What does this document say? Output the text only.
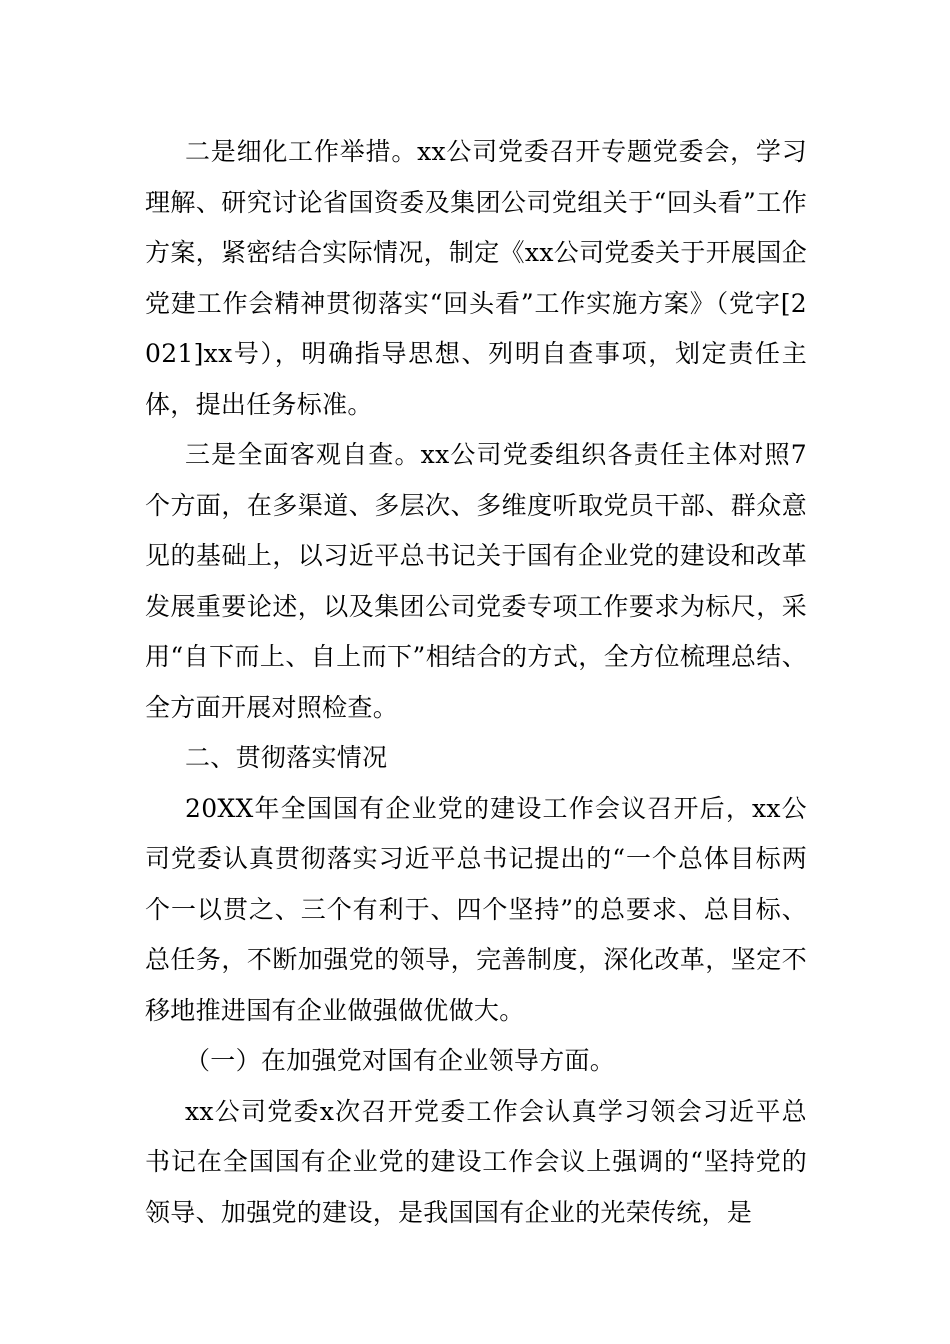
二是细化工作举措。xx公司党委召开专题党委会，学习理解、研究讨论省国资委及集团公司党组关于“回头看”工作方案，紧密结合实际情况，制定《xx公司党委关于开展国企党建工作会精神贯彻落实“回头看”工作实施方案》（党字[2021]xx号），明确指导思想、列明自查事项，划定责任主体，提出任务标准。

三是全面客观自查。xx公司党委组织各责任主体对照7个方面，在多渠道、多层次、多维度听取党员干部、群众意见的基础上，以习近平总书记关于国有企业党的建设和改革发展重要论述，以及集团公司党委专项工作要求为标尺，采用“自下而上、自上而下”相结合的方式，全方位梳理总结、全方面开展对照检查。

二、贯彻落实情况

20XX年全国国有企业党的建设工作会议召开后，xx公司党委认真贯彻落实习近平总书记提出的“一个总体目标两个一以贯之、三个有利于、四个坚持”的总要求、总目标、总任务，不断加强党的领导，完善制度，深化改革，坚定不移地推进国有企业做强做优做大。

（一）在加强党对国有企业领导方面。

xx公司党委x次召开党委工作会认真学习领会习近平总书记在全国国有企业党的建设工作会议上强调的“坚持党的领导、加强党的建设，是我国国有企业的光荣传统，是
